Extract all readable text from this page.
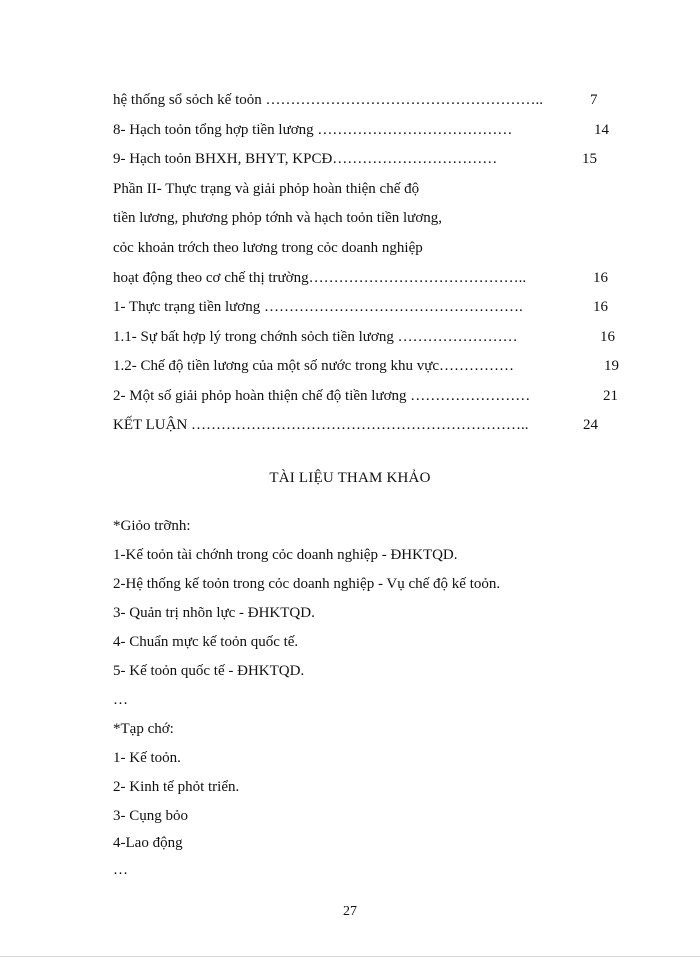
hệ thống sổ sỏch kế toỏn ………………………………………………..	7
8- Hạch toỏn tổng hợp tiền lương …………………………………	14
9- Hạch toỏn BHXH, BHYT, KPCĐ……………………………	15
Phần II- Thực trạng và giải phỏp hoàn thiện chế độ
tiền lương, phương phỏp tớnh và hạch toỏn tiền lương,
cỏc khoản trớch theo lương trong cỏc doanh nghiệp
hoạt động theo cơ chế thị trường……………………………………..	16
1- Thực trạng tiền lương …………………………………………….	16
1.1- Sự bất hợp lý trong chớnh sỏch tiền lương ……………………	16
1.2- Chế độ tiền lương của một số nước trong khu vực……………	19
2- Một số giải phỏp hoàn thiện chế độ tiền lương ……………………	21
KẾT LUẬN …………………………………………………………..	24
TÀI LIỆU THAM KHẢO
*Giỏo trỡnh:
1-Kế toỏn tài chớnh trong cỏc doanh nghiệp - ĐHKTQD.
2-Hệ thống kế toỏn trong cỏc doanh nghiệp - Vụ chế độ kế toỏn.
3- Quản trị nhõn lực - ĐHKTQD.
4- Chuẩn mực kế toỏn quốc tế.
5- Kế toỏn quốc tế - ĐHKTQD.
…
*Tạp chớ:
1- Kế toỏn.
2- Kinh tế phỏt triển.
3- Cụng bỏo
4-Lao động
…
27
